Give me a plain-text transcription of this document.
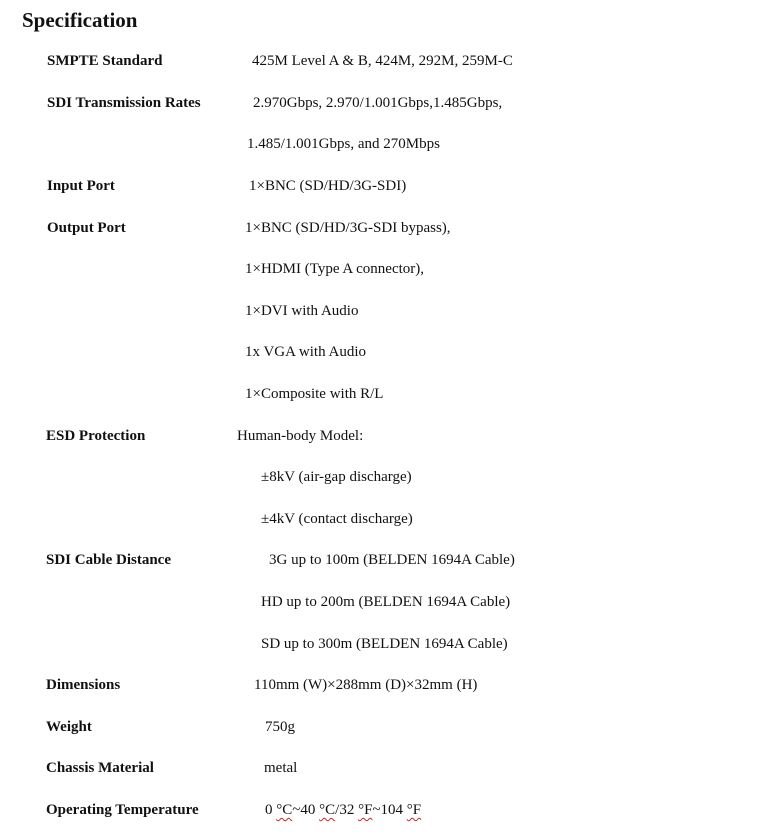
Specification
SMPTE Standard	425M Level A & B, 424M, 292M, 259M-C
SDI Transmission Rates	2.970Gbps, 2.970/1.001Gbps,1.485Gbps,
1.485/1.001Gbps, and 270Mbps
Input Port	1×BNC (SD/HD/3G-SDI)
Output Port	1×BNC (SD/HD/3G-SDI bypass),
1×HDMI (Type A connector),
1×DVI with Audio
1x VGA with Audio
1×Composite with R/L
ESD Protection	Human-body Model:
±8kV (air-gap discharge)
±4kV (contact discharge)
SDI Cable Distance	3G up to 100m (BELDEN 1694A Cable)
HD up to 200m (BELDEN 1694A Cable)
SD up to 300m (BELDEN 1694A Cable)
Dimensions	110mm (W)×288mm (D)×32mm (H)
Weight	750g
Chassis Material	metal
Operating Temperature	0 °C~40 °C/32 °F~104 °F
